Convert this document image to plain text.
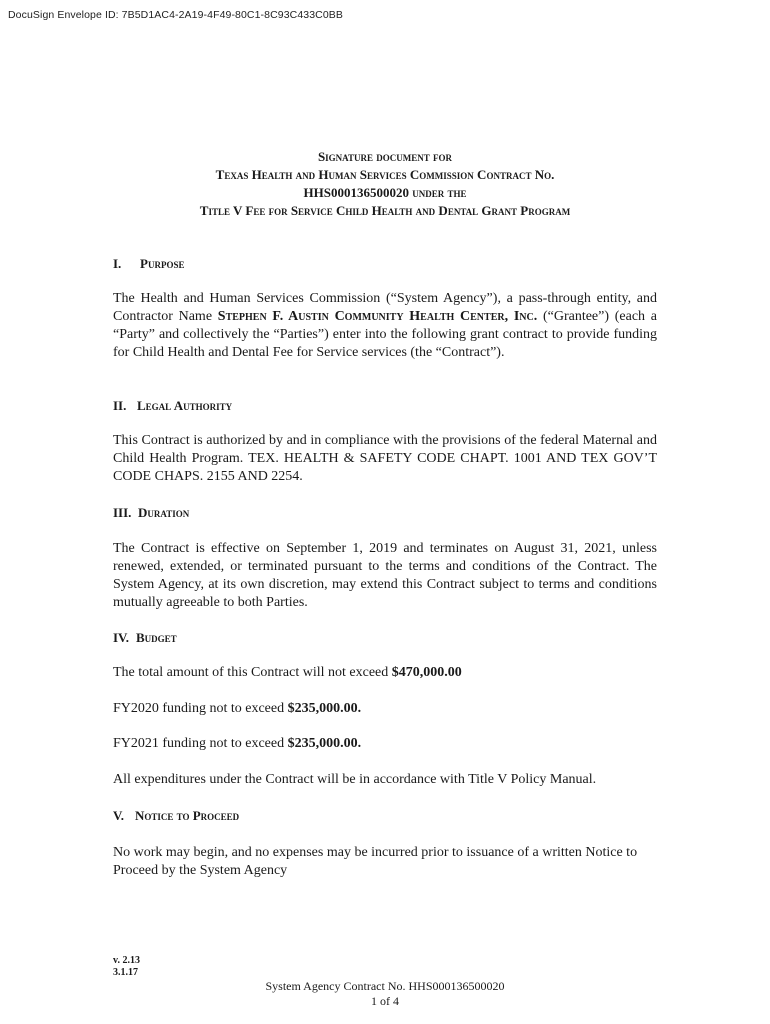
DocuSign Envelope ID: 7B5D1AC4-2A19-4F49-80C1-8C93C433C0BB
Signature document for
Texas Health and Human Services Commission Contract No.
HHS000136500020 under the
Title V Fee for Service Child Health and Dental Grant Program
I. Purpose
The Health and Human Services Commission (“System Agency”), a pass-through entity, and Contractor Name Stephen F. Austin Community Health Center, Inc. (“Grantee”) (each a “Party” and collectively the “Parties”) enter into the following grant contract to provide funding for Child Health and Dental Fee for Service services (the “Contract”).
II. Legal Authority
This Contract is authorized by and in compliance with the provisions of the federal Maternal and Child Health Program. TEX. HEALTH & SAFETY CODE CHAPT. 1001 AND TEX GOV’T CODE CHAPS. 2155 AND 2254.
III. Duration
The Contract is effective on September 1, 2019 and terminates on August 31, 2021, unless renewed, extended, or terminated pursuant to the terms and conditions of the Contract. The System Agency, at its own discretion, may extend this Contract subject to terms and conditions mutually agreeable to both Parties.
IV. Budget
The total amount of this Contract will not exceed $470,000.00
FY2020 funding not to exceed $235,000.00.
FY2021 funding not to exceed $235,000.00.
All expenditures under the Contract will be in accordance with Title V Policy Manual.
V. Notice to Proceed
No work may begin, and no expenses may be incurred prior to issuance of a written Notice to Proceed by the System Agency
v. 2.13
3.1.17
System Agency Contract No. HHS000136500020
1 of 4
